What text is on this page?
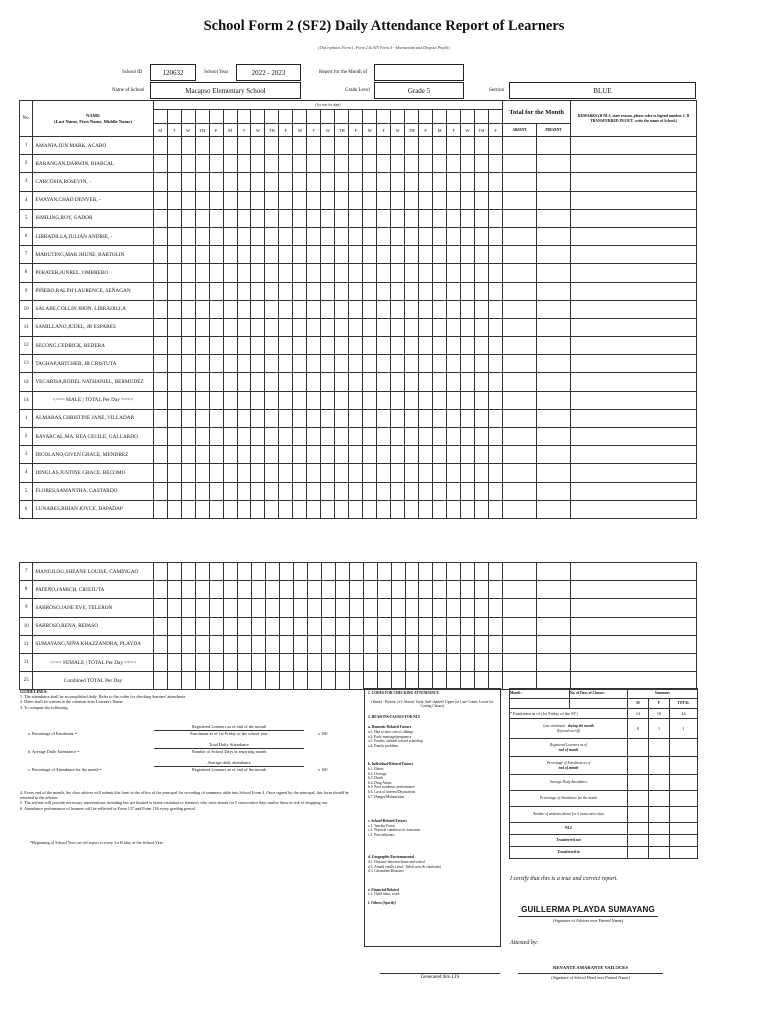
School Form 2 (SF2) Daily Attendance Report of Learners
(This replaces Form 1, Form 2 & STS Form 4 - Absenteeism and Dropout Profile)
School ID	120632	School Year	2022 - 2023	Report for the Month of
Name of School	Macapso Elementary School	Grade Level	Grade 5	Section	BLUE
No.	NAME
(Last Name, First Name, Middle Name)	(1st row for date)																									Total for the Month		REMARKS (If NLS, state reason, please refer to legend number 2. If TRANSFERRED IN/OUT, write the name of School.)

		M	T	W	TH	F	M	T	W	TH	F	M	T	W	TH	F	M	T	W	TH	F	M	T	W	TH	F	ABSENT	PRESENT	
1	AMANIA,JUN MARK, ACABO																												
2	BARANGAN,DARWIN, BIARCAL																												
3	CARCOSIA,ROSEVIN, -																												
4	EWAYAN,CHAD DENVER, -																												
5	ISMILING,ROY, GADOR																												
6	LIBRADILLA,JULIAN ANDRIE, -																												
7	MABUTING,MAR JHUNE, BARTOLIN																												
8	PERATER,JUNREL, OMBRERO																												
9	PIÑERO,RALPH LAURENCE, SEÑAGAN																												
10	SALABE,COLLIN JHON, LIBRADILLA																												
11	SAMILLANO,JUDEL, JR ESPARES																												
12	SECONG,CEDRICK, REDERA																												
13	TAGHAP,ARTCHER, JR CRISTUTA																												
14	VECARISA,RODEL NATHANIEL, BERMUDEZ																												
14	<=== MALE | TOTAL Per Day ===>																												
1	ALMARAS,CHRISTINE JANE, VILLADAR																												
2	BAYARCAL,MA. REA CECILE, GALLARDO																												
3	DICOLANO,GIVEN GRACE, MENDREZ																												
4	DINGLAS,JUSTINE GRACE, RECOMO																												
5	FLORES,SAMANTHA, GASTARDO																												
6	LUNARES,RHIAN JOYCE, DAPADAP																												
7	MANGILOG,SHEANE LOUISE, CAMINGAO																												
8	PATEÑO,JAMICH, CRISTUTA																												
9	SABROSO,JANE EVE, TELERON																												
10	SABROSO,RENA, REPASO																												
11	SUMAYANG,NIÑA KHAZZANDRA, PLAYDA																												
11	<=== FEMALE | TOTAL Per Day ===>																												
25	Combined TOTAL Per Day																												
GUIDELINES:
1. The attendance shall be accomplished daily. Refer to the codes for checking learners' attendance.
2. Dates shall be written in the columns after Learner's Name.
3. To compute the following:
a. Percentage of Enrolment =
Registered Learners as of end of the month
Enrolment as of 1st Friday of the school year	x 100
b. Average Daily Attendance =
Total Daily Attendance
Number of School Days in reporting month
c. Percentage of Attendance for the month =
Average daily attendance
Registered Learners as of end of the month	x 100
4. Every end of the month, the class adviser will submit this form to the office of the principal for recording of summary table into School Form 4. Once signed by the principal, this form should be returned to the adviser.
5. The adviser will provide necessary interventions including but not limited to home visitation to learner/s who were absent for 5 consecutive days and/or those at risk of dropping out.
6. Attendance performance of learners will be reflected in Form 137 and Form 138 every grading period.
*Beginning of School Year cut-off report is every 1st Friday of the School Year
1. CODES FOR CHECKING ATTENDANCE
(blank) - Present; (x)- Absent; Tardy (half shaded= Upper for Late Comer, Lower for Cutting Classes)
2. REASONS/CAUSES FOR NLS
a. Domestic-Related Factors
a.1. Had to take care of siblings
a.2. Early marriage/pregnancy
a.3. Parents' attitude toward schooling
a.4. Family problems
b. Individual-Related Factors
b.1. Illness
b.2. Overage
b.3. Death
b.4. Drug Abuse
b.5. Poor academic performance
b.6. Lack of interest/Distractions
b.7. Hunger/Malnutrition
c. School-Related Factors
c.1. Teacher Factor
c.2. Physical condition of classroom
c.3. Peer influence
d. Geographic/Environmental
d.1. Distance between home and school
d.2. Armed conflict (incl. Tribal wars & clanfeuds)
d.3. Calamities/Disasters
e. Financial-Related
e.1. Child labor, work
f. Others (Specify)
Month :	No. of Days of Classes:	Summary		
		M	F	TOTAL
* Enrolment as of (1st Friday of the SY)		14	10	24
Late enrolment during the month
(beyond cut-off)		0	1	1
Registered Learners as of
end of month				
Percentage of Enrolment as of
end of month				
Average Daily Attendance				
Percentage of Attendance for the month				
Number of students absent for 5 consecutive days				
NLS				
Transferred out				
Transferred in				
I certify that this is a true and correct report.
GUILLERMA PLAYDA SUMAYANG
(Signature of Adviser over Printed Name)
Attested by:
RENANTE AMARANTE VAILOCES
(Signature of School Head over Printed Name)
Generated thru LIS
